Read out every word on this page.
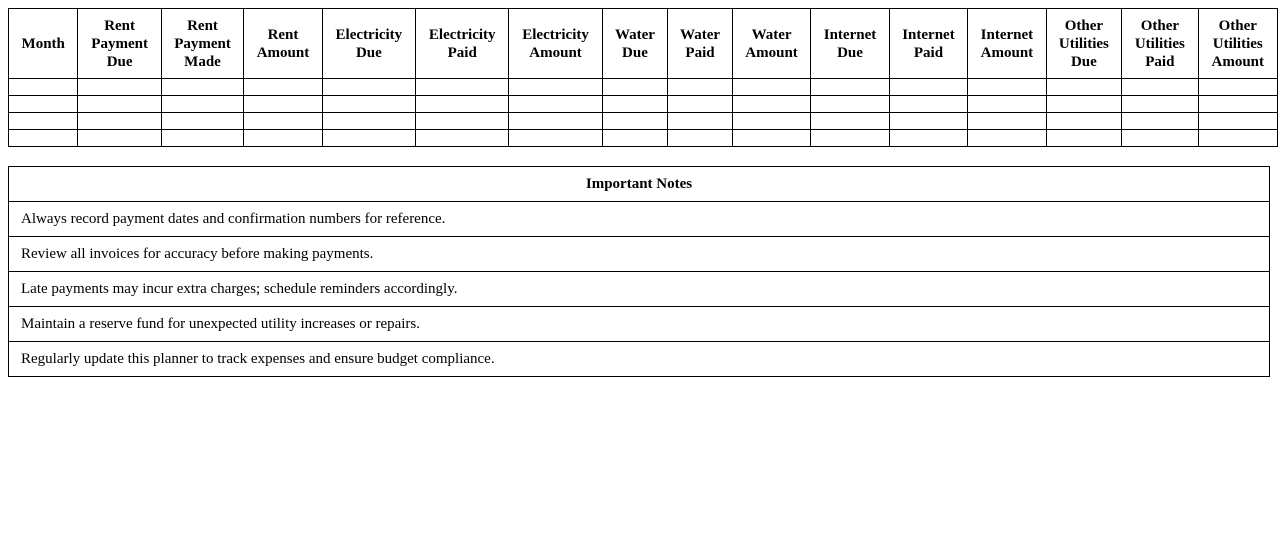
Month	Rent Payment Due	Rent Payment Made	Rent Amount	Electricity Due	Electricity Paid	Electricity Amount	Water Due	Water Paid	Water Amount	Internet Due	Internet Paid	Internet Amount	Other Utilities Due	Other Utilities Paid	Other Utilities Amount

Important Notes
Always record payment dates and confirmation numbers for reference.
Review all invoices for accuracy before making payments.
Late payments may incur extra charges; schedule reminders accordingly.
Maintain a reserve fund for unexpected utility increases or repairs.
Regularly update this planner to track expenses and ensure budget compliance.
